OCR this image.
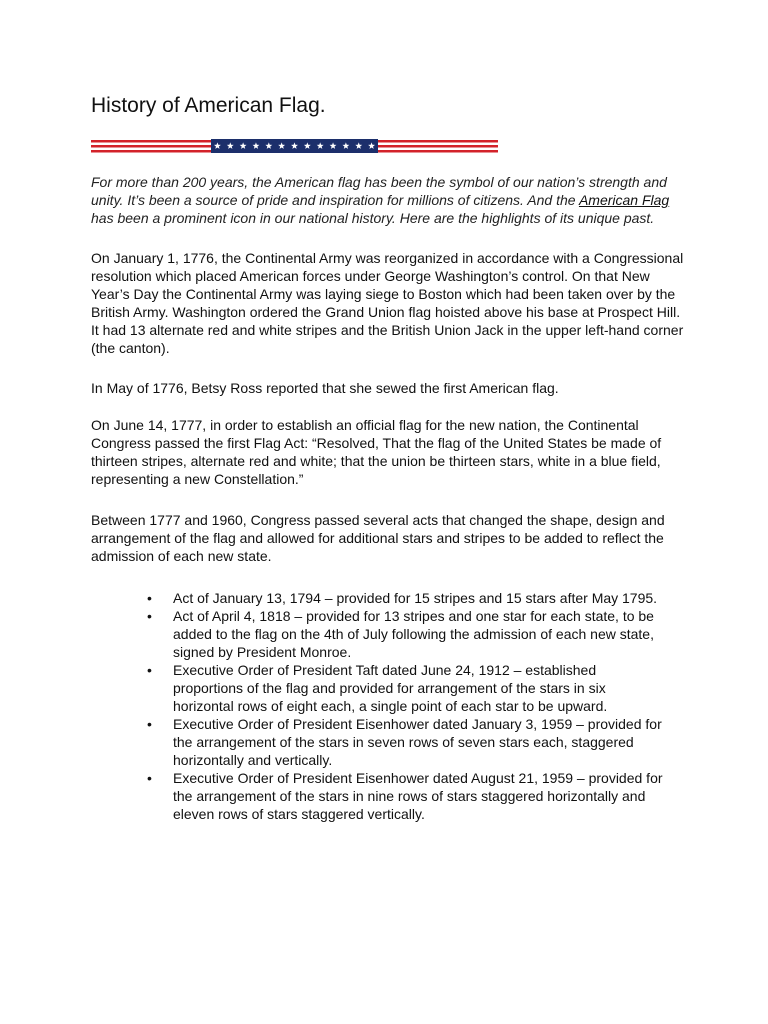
History of American Flag.
For more than 200 years, the American flag has been the symbol of our nation’s strength and unity. It’s been a source of pride and inspiration for millions of citizens. And the American Flag has been a prominent icon in our national history. Here are the highlights of its unique past.

On January 1, 1776, the Continental Army was reorganized in accordance with a Congressional resolution which placed American forces under George Washington’s control. On that New Year’s Day the Continental Army was laying siege to Boston which had been taken over by the British Army. Washington ordered the Grand Union flag hoisted above his base at Prospect Hill. It had 13 alternate red and white stripes and the British Union Jack in the upper left-hand corner (the canton).

In May of 1776, Betsy Ross reported that she sewed the first American flag.

On June 14, 1777, in order to establish an official flag for the new nation, the Continental Congress passed the first Flag Act: “Resolved, That the flag of the United States be made of thirteen stripes, alternate red and white; that the union be thirteen stars, white in a blue field, representing a new Constellation.”

Between 1777 and 1960, Congress passed several acts that changed the shape, design and arrangement of the flag and allowed for additional stars and stripes to be added to reflect the admission of each new state.

• Act of January 13, 1794 – provided for 15 stripes and 15 stars after May 1795.
• Act of April 4, 1818 – provided for 13 stripes and one star for each state, to be added to the flag on the 4th of July following the admission of each new state, signed by President Monroe.
• Executive Order of President Taft dated June 24, 1912 – established proportions of the flag and provided for arrangement of the stars in six horizontal rows of eight each, a single point of each star to be upward.
• Executive Order of President Eisenhower dated January 3, 1959 – provided for the arrangement of the stars in seven rows of seven stars each, staggered horizontally and vertically.
• Executive Order of President Eisenhower dated August 21, 1959 – provided for the arrangement of the stars in nine rows of stars staggered horizontally and eleven rows of stars staggered vertically.
